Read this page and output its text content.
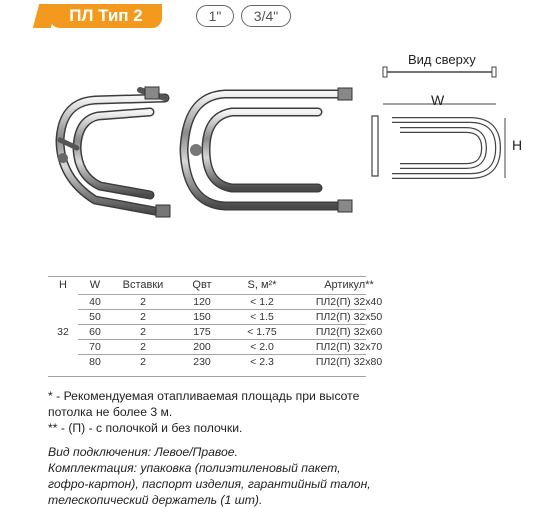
ПЛ Тип 2	1" 3/4"
Вид сверху
W
H
H	W	Вставки	Qвт	S, м²*	Артикул**
32	40	2	120	< 1.2	ПЛ2(П) 32х40
	50	2	150	< 1.5	ПЛ2(П) 32х50
	60	2	175	< 1.75	ПЛ2(П) 32х60
	70	2	200	< 2.0	ПЛ2(П) 32х70
	80	2	230	< 2.3	ПЛ2(П) 32х80

* - Рекомендуемая отапливаемая площадь при высоте

потолка не более 3 м.

** - (П) - с полочкой и без полочки.

Вид подключения: Левое/Правое.

Комплектация: упаковка (полиэтиленовый пакет,

гофро-картон), паспорт изделия, гарантийный талон,

телескопический держатель (1 шт).
